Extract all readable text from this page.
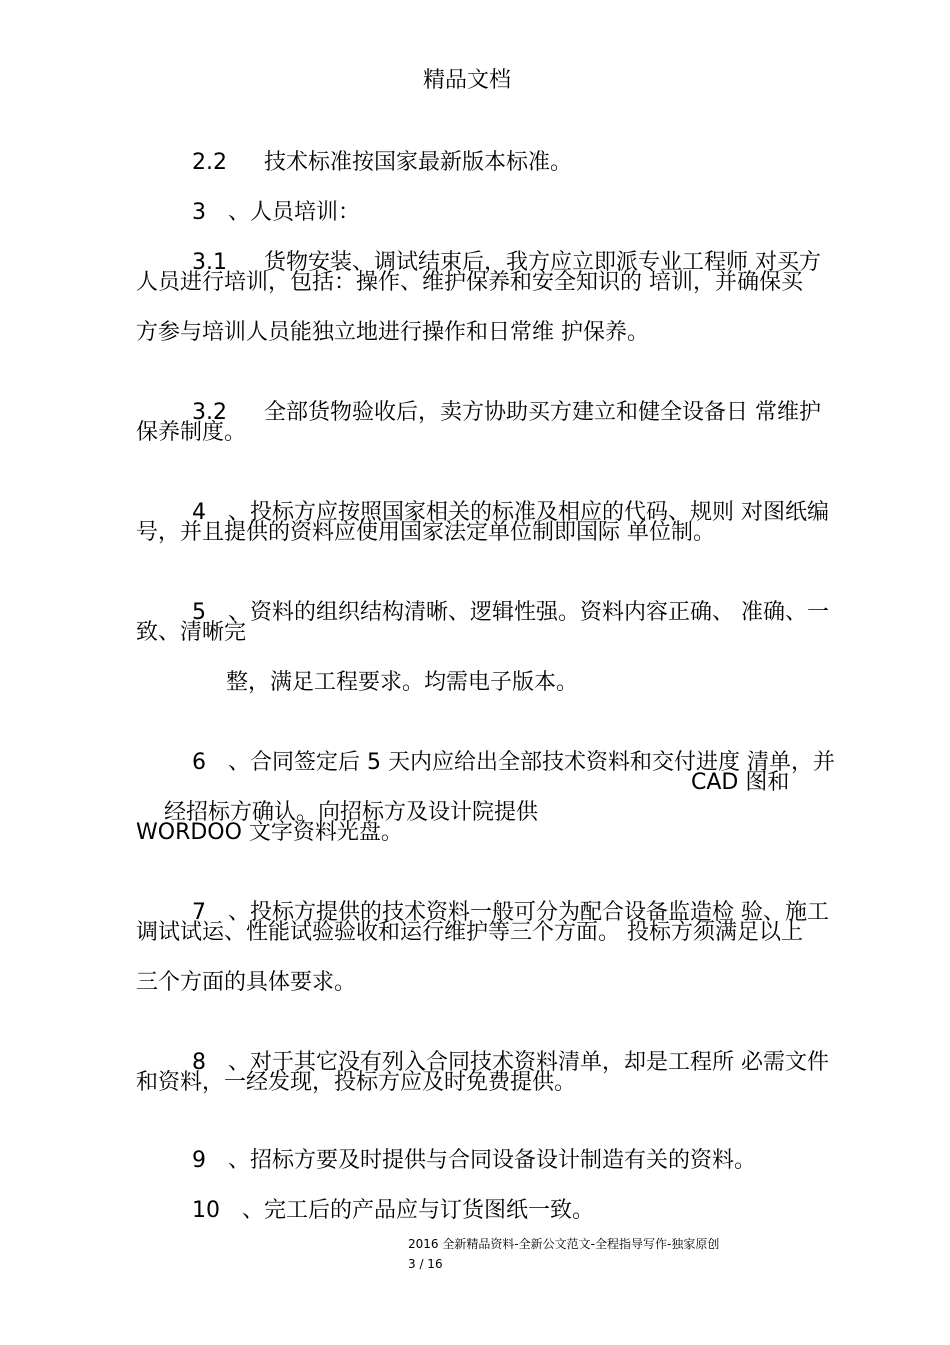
精品文档

2.2 技术标准按国家最新版本标准。

3 、人员培训：

3.1 货物安装、调试结束后，我方应立即派专业工程师 对买方

人员进行培训，包括：操作、维护保养和安全知识的 培训，并确保买
方参与培训人员能独立地进行操作和日常维 护保养。

3.2 全部货物验收后，卖方协助买方建立和健全设备日 常维护

保养制度。

4 、投标方应按照国家相关的标准及相应的代码、规则 对图纸编

号，并且提供的资料应使用国家法定单位制即国际 单位制。

5 、资料的组织结构清晰、逻辑性强。资料内容正确、 准确、一

致、清晰完
整，满足工程要求。均需电子版本。

6 、合同签定后 5 天内应给出全部技术资料和交付进度 清单，并

经招标方确认。向招标方及设计院提供

CAD 图和
WORDOO 文字资料光盘。

7 、投标方提供的技术资料一般可分为配合设备监造检 验、施工

调试试运、性能试验验收和运行维护等三个方面。 投标方须满足以上
三个方面的具体要求。

8 、对于其它没有列入合同技术资料清单，却是工程所 必需文件

和资料，一经发现，投标方应及时免费提供。

9 、招标方要及时提供与合同设备设计制造有关的资料。

10 、完工后的产品应与订货图纸一致。

2016 全新精品资料-全新公文范文-全程指导写作-独家原创
3 / 16
